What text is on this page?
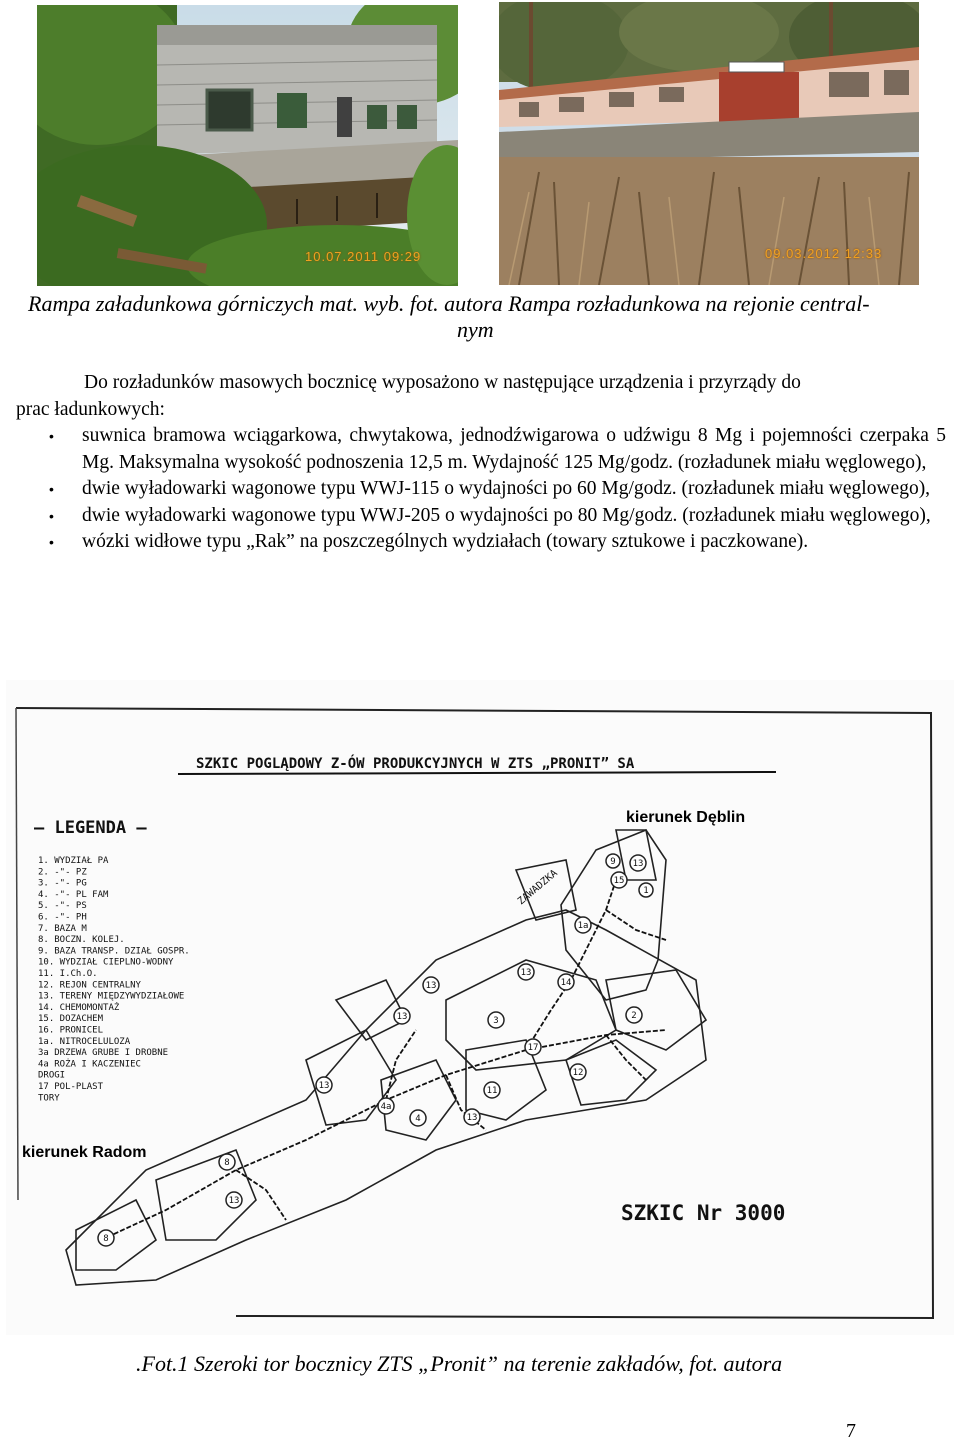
10.07.2011 09:29	09.03.2012 12:33
Rampa załadunkowa górniczych mat. wyb. fot. autora Rampa rozładunkowa na rejonie central-
nym
Do rozładunków masowych bocznicę wyposażono w następujące urządzenia i przyrządy do
prac ładunkowych:
• suwnica bramowa wciągarkowa, chwytakowa, jednodźwigarowa o udźwigu 8 Mg i pojemności czerpaka 5 Mg. Maksymalna wysokość podnoszenia 12,5 m. Wydajność 125 Mg/godz. (rozładunek miału węglowego),
• dwie wyładowarki wagonowe typu WWJ-115 o wydajności po 60 Mg/godz. (rozładunek miału węglowego),
• dwie wyładowarki wagonowe typu WWJ-205 o wydajności po 80 Mg/godz. (rozładunek miału węglowego),
• wózki widłowe typu „Rak” na poszczególnych wydziałach (towary sztukowe i paczkowane).
SZKIC POGLĄDOWY Z-ÓW PRODUKCYJNYCH W ZTS „PRONIT” SA
— LEGENDA —
1. WYDZIAŁ PA
2. -"- PZ
3. -"- PG
4. -"- PL FAM
5. -"- PS
6. -"- PH
7. BAZA M
8. BOCZN. KOLEJ.
9. BAZA TRANSP. DZIAŁ GOSPR.
10. WYDZIAŁ CIEPLNO-WODNY
11. I.Ch.O.
12. REJON CENTRALNY
13. TERENY MIĘDZYWYDZIAŁOWE
14. CHEMOMONTAŻ
15. DOZACHEM
16. PRONICEL
1a. NITROCELULOZA
3a DRZEWA GRUBE I DROBNE
4a ROŻA I KACZENIEC
DROGI
17 POL-PLAST
TORY
kierunek Dęblin
kierunek Radom
SZKIC Nr 3000
9
15
13
1
1a
13
3
13
13	14
2
12
17
11
13
4a
4
13
8
13
8
ZAWADZKA
.Fot.1 Szeroki tor bocznicy ZTS „Pronit” na terenie zakładów, fot. autora
7
